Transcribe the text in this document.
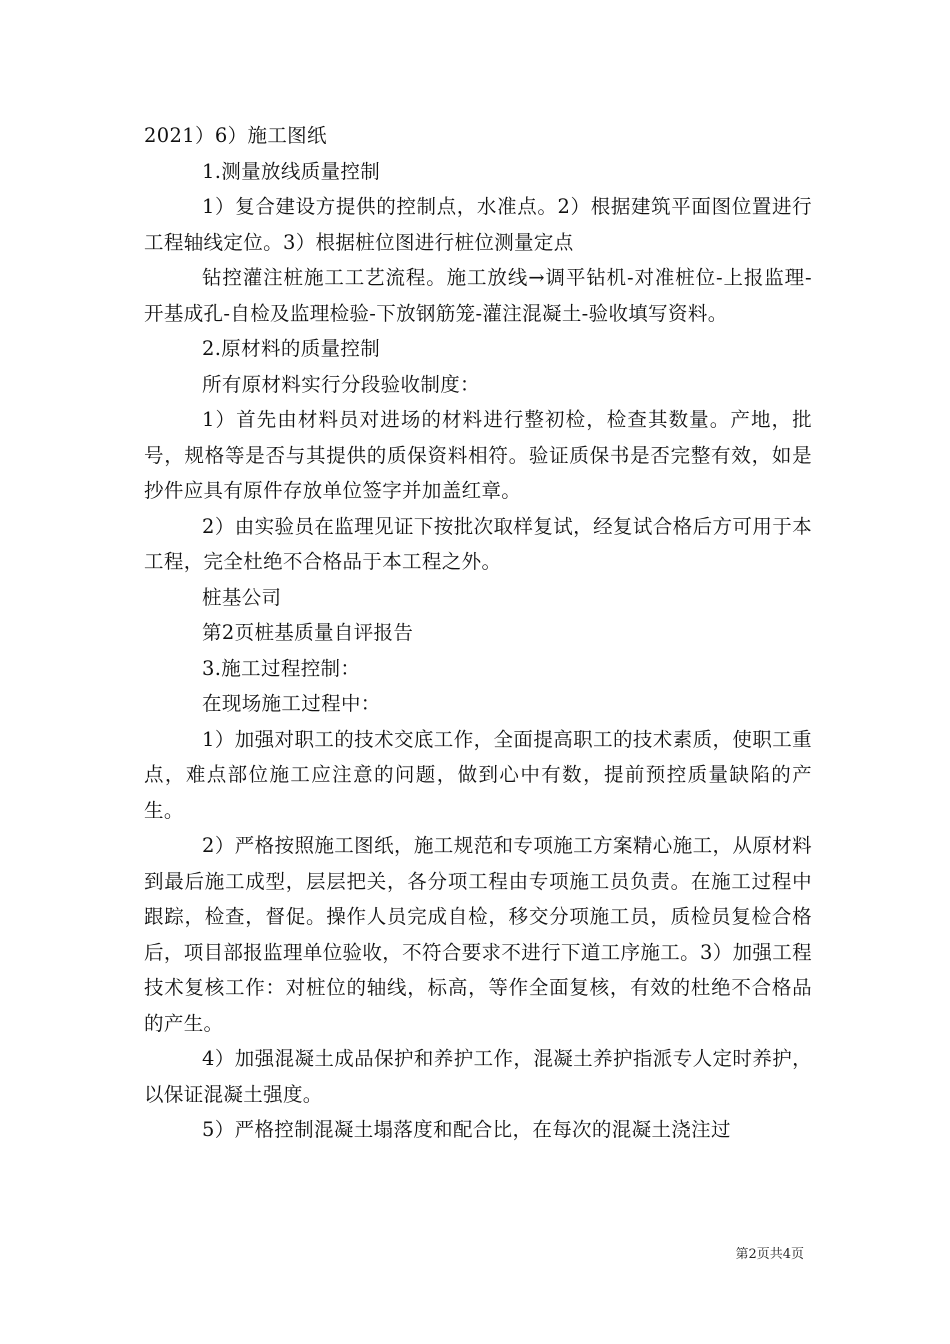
2021）6）施工图纸

1.测量放线质量控制

1）复合建设方提供的控制点，水准点。2）根据建筑平面图位置进行工程轴线定位。3）根据桩位图进行桩位测量定点

钻控灌注桩施工工艺流程。施工放线→调平钻机-对准桩位-上报监理-开基成孔-自检及监理检验-下放钢筋笼-灌注混凝土-验收填写资料。

2.原材料的质量控制

所有原材料实行分段验收制度：

1）首先由材料员对进场的材料进行整初检，检查其数量。产地，批号，规格等是否与其提供的质保资料相符。验证质保书是否完整有效，如是抄件应具有原件存放单位签字并加盖红章。

2）由实验员在监理见证下按批次取样复试，经复试合格后方可用于本工程，完全杜绝不合格品于本工程之外。

桩基公司

第2页桩基质量自评报告

3.施工过程控制：

在现场施工过程中：

1）加强对职工的技术交底工作，全面提高职工的技术素质，使职工重点，难点部位施工应注意的问题，做到心中有数，提前预控质量缺陷的产生。

2）严格按照施工图纸，施工规范和专项施工方案精心施工，从原材料到最后施工成型，层层把关，各分项工程由专项施工员负责。在施工过程中跟踪，检查，督促。操作人员完成自检，移交分项施工员，质检员复检合格后，项目部报监理单位验收，不符合要求不进行下道工序施工。3）加强工程技术复核工作：对桩位的轴线，标高，等作全面复核，有效的杜绝不合格品的产生。

4）加强混凝土成品保护和养护工作，混凝土养护指派专人定时养护，以保证混凝土强度。

5）严格控制混凝土塌落度和配合比，在每次的混凝土浇注过

第2页共4页
